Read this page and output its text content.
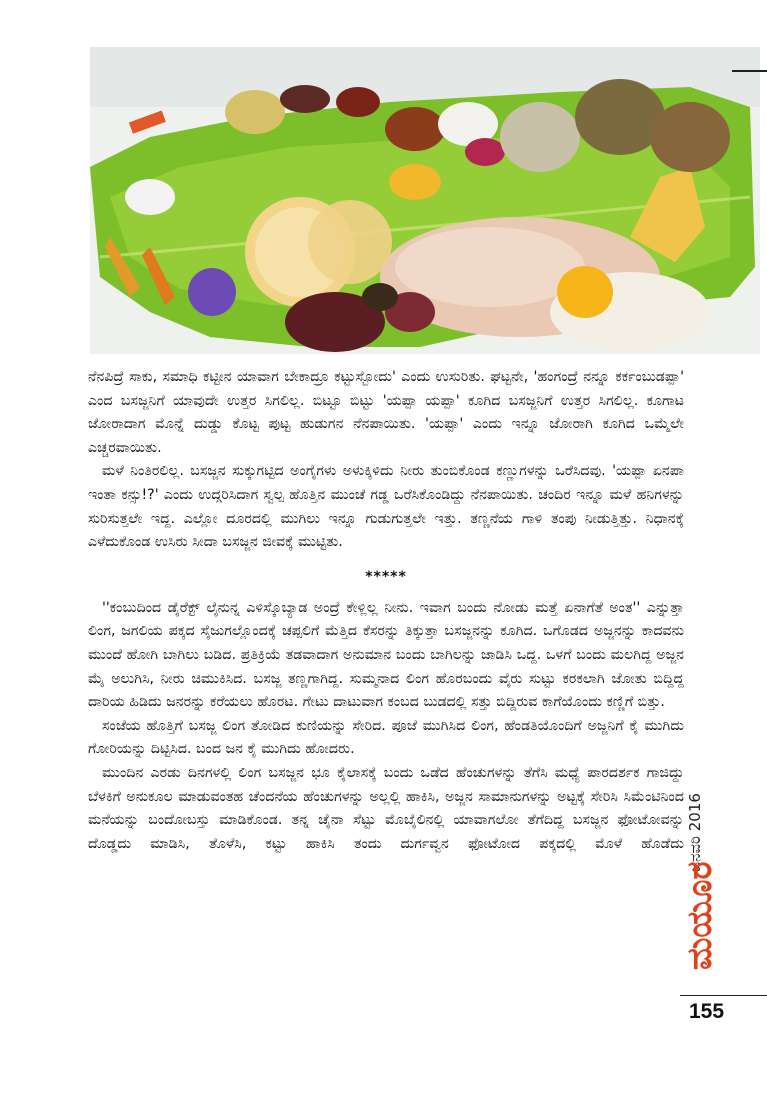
ನೆನಪಿದ್ರೆ ಸಾಕು, ಸಮಾಧಿ ಕಟ್ಟೀನ ಯಾವಾಗ ಬೇಕಾದ್ರೂ ಕಟ್ಟುಸ್ಬೋದು' ಎಂದು ಉಸುರಿತು. ಘಟ್ಟನೇ, 'ಹಂಗಂದ್ರೆ ನನ್ನೂ ಕರ್ಕಂಬುಡಪ್ಪಾ' ಎಂದ ಬಸಜ್ಜನಿಗೆ ಯಾವುದೇ ಉತ್ತರ ಸಿಗಲಿಲ್ಲ. ಬಿಟ್ಟೂ ಬಿಟ್ಟು 'ಯಪ್ಪಾ ಯಪ್ಪಾ' ಕೂಗಿದ ಬಸಜ್ಜನಿಗೆ ಉತ್ತರ ಸಿಗಲಿಲ್ಲ. ಕೂಗಾಟ ಜೋರಾದಾಗ ಮೊನ್ನೆ ದುಡ್ಡು ಕೊಟ್ಟ ಪುಟ್ಟ ಹುಡುಗನ ನೆನಪಾಯಿತು. 'ಯಪ್ಪಾ' ಎಂದು ಇನ್ನೂ ಜೋರಾಗಿ ಕೂಗಿದ ಒಮ್ಮೆಲೇ ಎಚ್ಚರವಾಯಿತು.

ಮಳೆ ನಿಂತಿರಲಿಲ್ಲ. ಬಸಜ್ಜನ ಸುಕ್ಕುಗಟ್ಟಿದ ಅಂಗೈಗಳು ಅಳುಕ್ಕಿಳಿದು ನೀರು ತುಂಬಿಕೊಂಡ ಕಣ್ಣುಗಳನ್ನು ಒರೆಸಿದವು. 'ಯಪ್ಪಾ ಏನಪಾ ಇಂತಾ ಕನ್ಸು!?' ಎಂದು ಉದ್ಗರಿಸಿದಾಗ ಸ್ವಲ್ಪ ಹೊತ್ತಿನ ಮುಂಚೆ ಗಡ್ಡ ಒರೆಸಿಕೊಂಡಿದ್ದು ನೆನಪಾಯಿತು. ಚಂದಿರ ಇನ್ನೂ ಮಳೆ ಹನಿಗಳನ್ನು ಸುರಿಸುತ್ತಲೇ ಇದ್ದ. ಎಲ್ಲೋ ದೂರದಲ್ಲಿ ಮುಗಿಲು ಇನ್ನೂ ಗುಡುಗುತ್ತಲೇ ಇತ್ತು. ತಣ್ಣನೆಯ ಗಾಳಿ ತಂಪು ನೀಡುತ್ತಿತ್ತು. ನಿಧಾನಕ್ಕೆ ಎಳೆದುಕೊಂಡ ಉಸಿರು ಸೀದಾ ಬಸಜ್ಜನ ಜೀವಕ್ಕೆ ಮುಟ್ಟಿತು.

*****

''ಕಂಬುದಿಂದ ಡೈರೆಕ್ಟ್ ಲೈನುನ್ನ ಎಳಿಸ್ಕೊಬ್ಯಾಡ ಅಂದ್ರೆ ಕೇಳ್ಲಿಲ್ಲ ನೀನು. ಇವಾಗ ಬಂದು ನೋಡು ಮತ್ತೆ ಏನಾಗೆತೆ ಅಂತ'' ಎನ್ನುತ್ತಾ ಲಿಂಗ, ಜಗಲಿಯ ಪಕ್ಕದ ಸೈಜುಗಲ್ಲೊಂದಕ್ಕೆ ಚಪ್ಪಲಿಗೆ ಮೆತ್ತಿದ ಕೆಸರನ್ನು ತಿಕ್ಕುತ್ತಾ ಬಸಜ್ಜನನ್ನು ಕೂಗಿದ. ಒಗೊಡದ ಅಜ್ಜನನ್ನು ಕಾದವನು ಮುಂದೆ ಹೋಗಿ ಬಾಗಿಲು ಬಡಿದ. ಪ್ರತಿಕ್ರಿಯೆ ತಡವಾದಾಗ ಅನುಮಾನ ಬಂದು ಬಾಗಿಲನ್ನು ಜಾಡಿಸಿ ಒದ್ದ. ಒಳಗೆ ಬಂದು ಮಲಗಿದ್ದ ಅಜ್ಜನ ಮೈ ಅಲುಗಿಸಿ, ನೀರು ಚಿಮುಕಿಸಿದ. ಬಸಜ್ಜ ತಣ್ಣಗಾಗಿದ್ದ. ಸುಮ್ಮನಾದ ಲಿಂಗ ಹೊರಬಂದು ವೈರು ಸುಟ್ಟು ಕರಕಲಾಗಿ ಜೋತು ಬಿದ್ದಿದ್ದ ದಾರಿಯ ಹಿಡಿದು ಜನರನ್ನು ಕರೆಯಲು ಹೊರಟ. ಗೇಟು ದಾಟುವಾಗ ಕಂಬದ ಬುಡದಲ್ಲಿ ಸತ್ತು ಬಿದ್ದಿರುವ ಕಾಗೆಯೊಂದು ಕಣ್ಣಿಗೆ ಬಿತ್ತು.

ಸಂಜೆಯ ಹೊತ್ತಿಗೆ ಬಸಜ್ಜ ಲಿಂಗ ತೋಡಿದ ಕುಣಿಯನ್ನು ಸೇರಿದ. ಪೂಜೆ ಮುಗಿಸಿದ ಲಿಂಗ, ಹೆಂಡತಿಯೊಂದಿಗೆ ಅಜ್ಜನಿಗೆ ಕೈ ಮುಗಿದು ಗೋರಿಯನ್ನು ದಿಟ್ಟಿಸಿದ. ಬಂದ ಜನ ಕೈ ಮುಗಿದು ಹೋದರು.

ಮುಂದಿನ ಎರಡು ದಿನಗಳಲ್ಲಿ ಲಿಂಗ ಬಸಜ್ಜನ ಭೂ ಕೈಲಾಸಕ್ಕೆ ಬಂದು ಒಡೆದ ಹೆಂಚುಗಳನ್ನು ತೆಗೆಸಿ ಮಧ್ಯೆ ಪಾರದರ್ಶಕ ಗಾಜಿದ್ದು ಬೆಳಕಿಗೆ ಅನುಕೂಲ ಮಾಡುವಂತಹ ಚೆಂದನೆಯ ಹೆಂಚುಗಳನ್ನು ಅಲ್ಲಲ್ಲಿ ಹಾಕಿಸಿ, ಅಜ್ಜನ ಸಾಮಾನುಗಳನ್ನು ಅಟ್ಟಕ್ಕೆ ಸೇರಿಸಿ ಸಿಮೆಂಟಿನಿಂದ ಮನೆಯನ್ನು ಬಂದೋಬಸ್ತು ಮಾಡಿಕೊಂಡ. ತನ್ನ ಚೈನಾ ಸೆಟ್ಟು ಮೊಬೈಲಿನಲ್ಲಿ ಯಾವಾಗಲೋ ತೆಗೆದಿದ್ದ ಬಸಜ್ಜನ ಫೋಟೋವನ್ನು ದೊಡ್ಡದು ಮಾಡಿಸಿ, ತೊಳೆಸಿ, ಕಟ್ಟು ಹಾಕಿಸಿ ತಂದು ದುರ್ಗವ್ವನ ಫೋಟೋದ ಪಕ್ಕದಲ್ಲಿ ಮೊಳೆ ಹೊಡೆದು ಜನವರಿ 2016
ಮಯೂರ
155
